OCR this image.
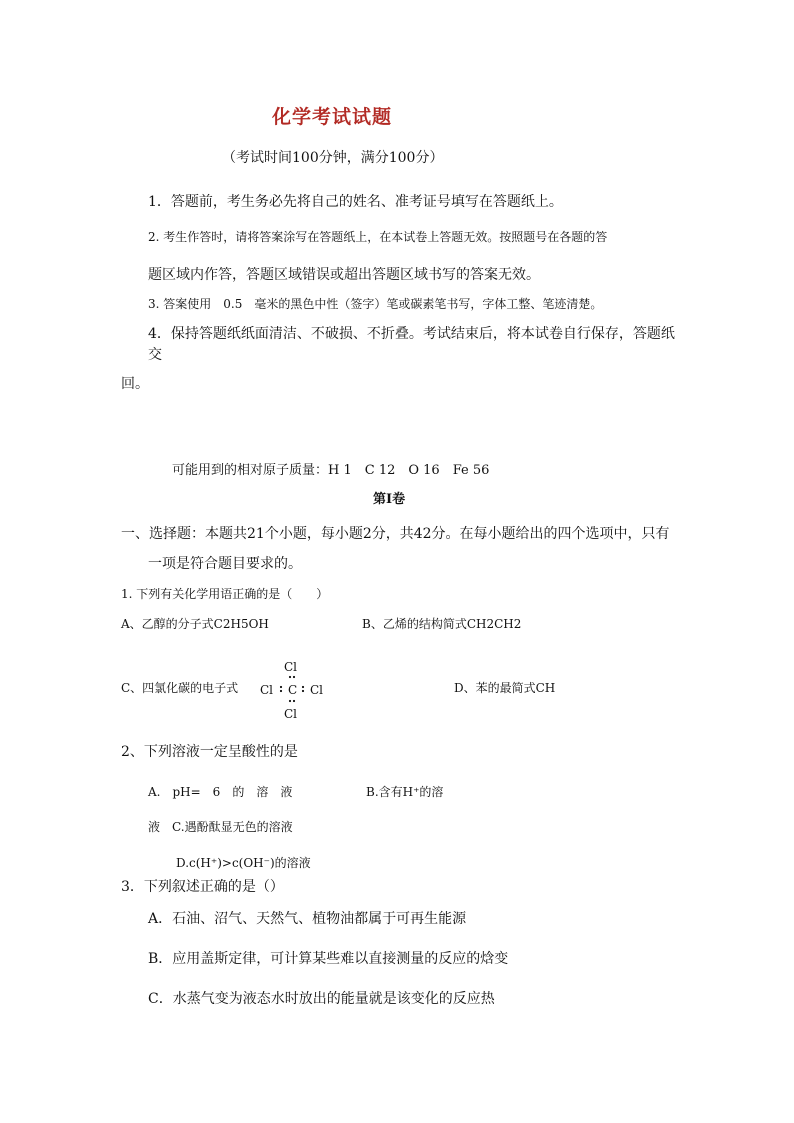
化学考试试题
（考试时间100分钟，满分100分）
1．答题前，考生务必先将自己的姓名、准考证号填写在答题纸上。
2. 考生作答时，请将答案涂写在答题纸上，在本试卷上答题无效。按照题号在各题的答
题区域内作答，答题区域错误或超出答题区域书写的答案无效。
3. 答案使用　0.5　毫米的黑色中性（签字）笔或碳素笔书写，字体工整、笔迹清楚。
4．保持答题纸纸面清洁、不破损、不折叠。考试结束后，将本试卷自行保存，答题纸
交
回。
可能用到的相对原子质量：H 1　C 12　O 16　Fe 56
第Ⅰ卷
一、选择题：本题共21个小题，每小题2分，共42分。在每小题给出的四个选项中，只有
一项是符合题目要求的。
1. 下列有关化学用语正确的是（　　）
A、乙醇的分子式C2H5OH	B、乙烯的结构简式CH2CH2
C、四氯化碳的电子式
Cl
Cl C Cl
Cl
D、苯的最简式CH
2、下列溶液一定呈酸性的是
A.　pH=　6　的　溶　液	B.含有H⁺的溶
液　C.遇酚酞显无色的溶液
D.c(H⁺)>c(OH⁻)的溶液
3．下列叙述正确的是（）
A．石油、沼气、天然气、植物油都属于可再生能源
B．应用盖斯定律，可计算某些难以直接测量的反应的焓变
C．水蒸气变为液态水时放出的能量就是该变化的反应热
